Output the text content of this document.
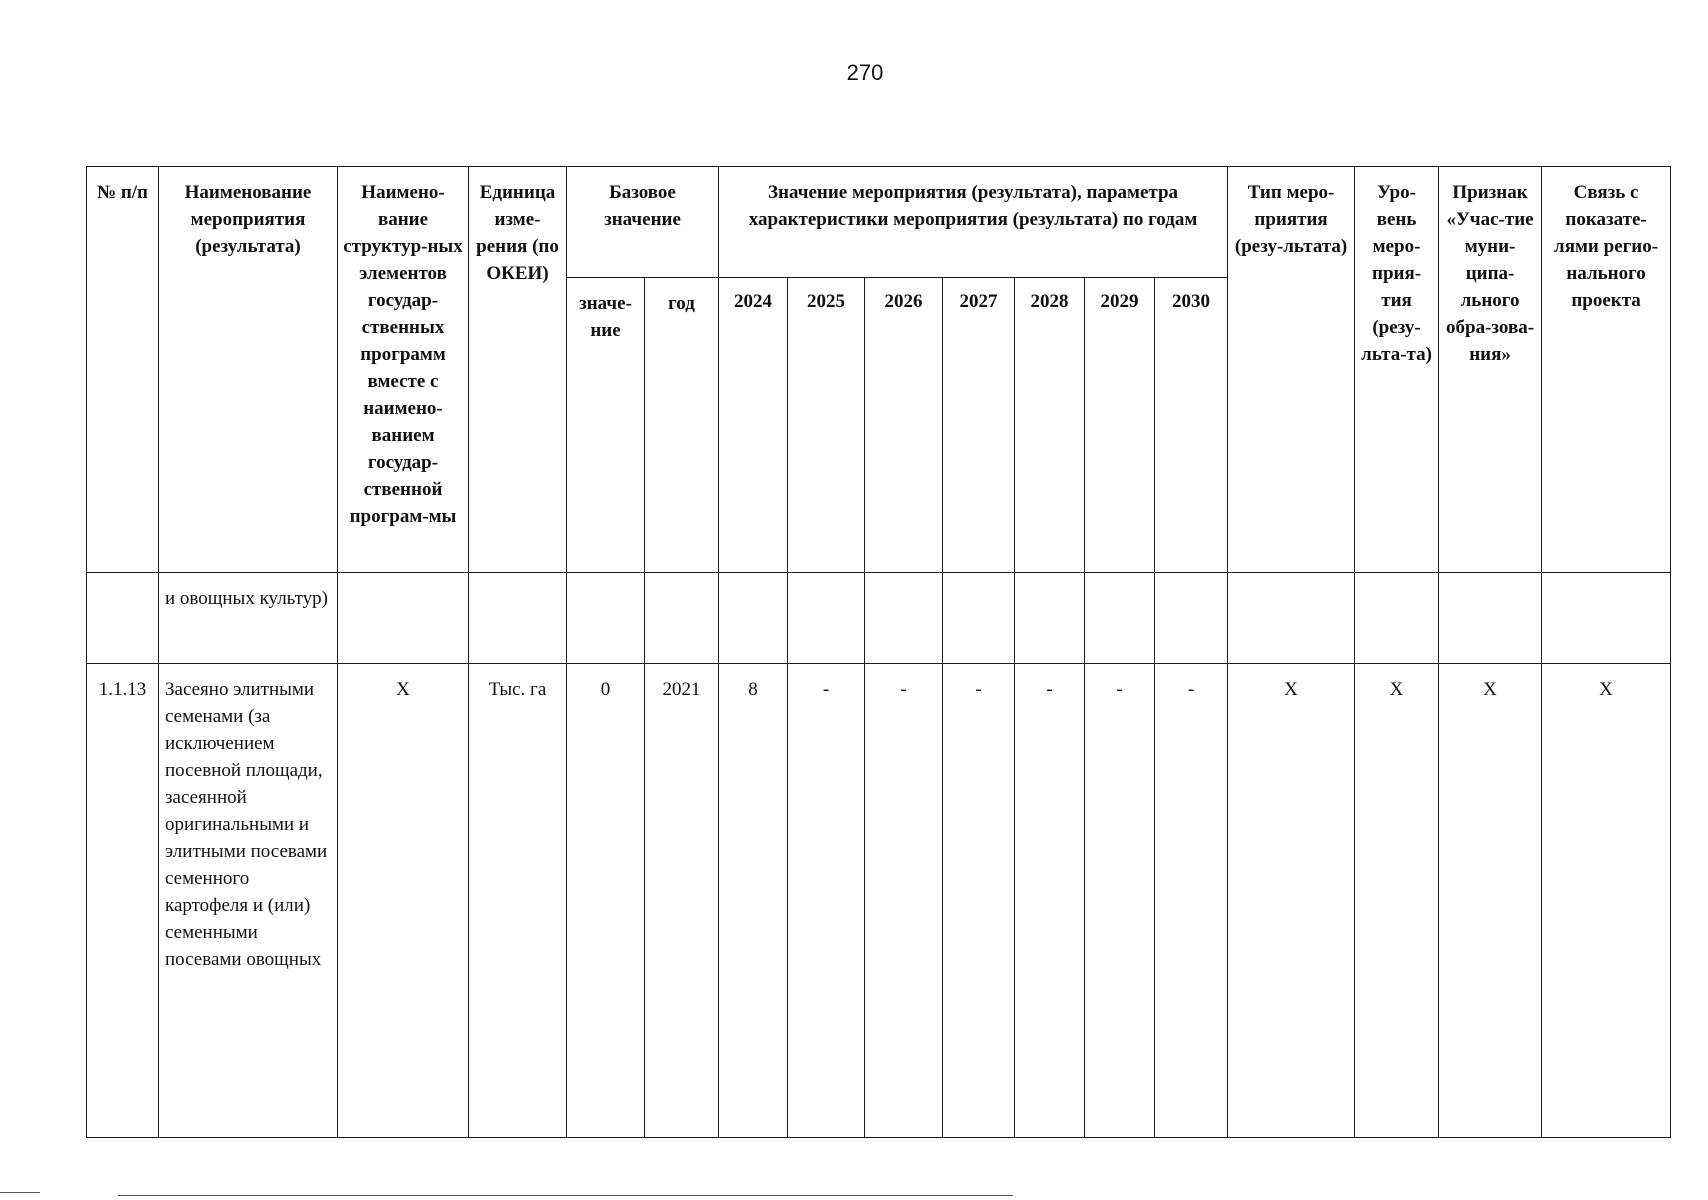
270
№ п/п	Наименование мероприятия (результата)	Наимено-вание структур-ных элементов государ-ственных программ вместе с наимено-ванием государ-ственной програм-мы	Единица изме-рения (по ОКЕИ)	Базовое значение		Значение мероприятия (результата), параметра характеристики мероприятия (результата) по годам							Тип меро-приятия (резу-льтата)	Уро-вень меро-прия-тия (резу-льта-та)	Признак «Учас-тие муни-ципа-льного обра-зова-ния»	Связь с показате-лями регио-нального проекта
				значе-ние	год	2024	2025	2026	2027	2028	2029	2030				
	и овощных культур)															
1.1.13	Засеяно элитными семенами (за исключением посевной площади, засеянной оригинальными и элитными посевами семенного картофеля и (или) семенными посевами овощных	X	Тыс. га	0	2021	8	-	-	-	-	-	-	X	X	X	X
